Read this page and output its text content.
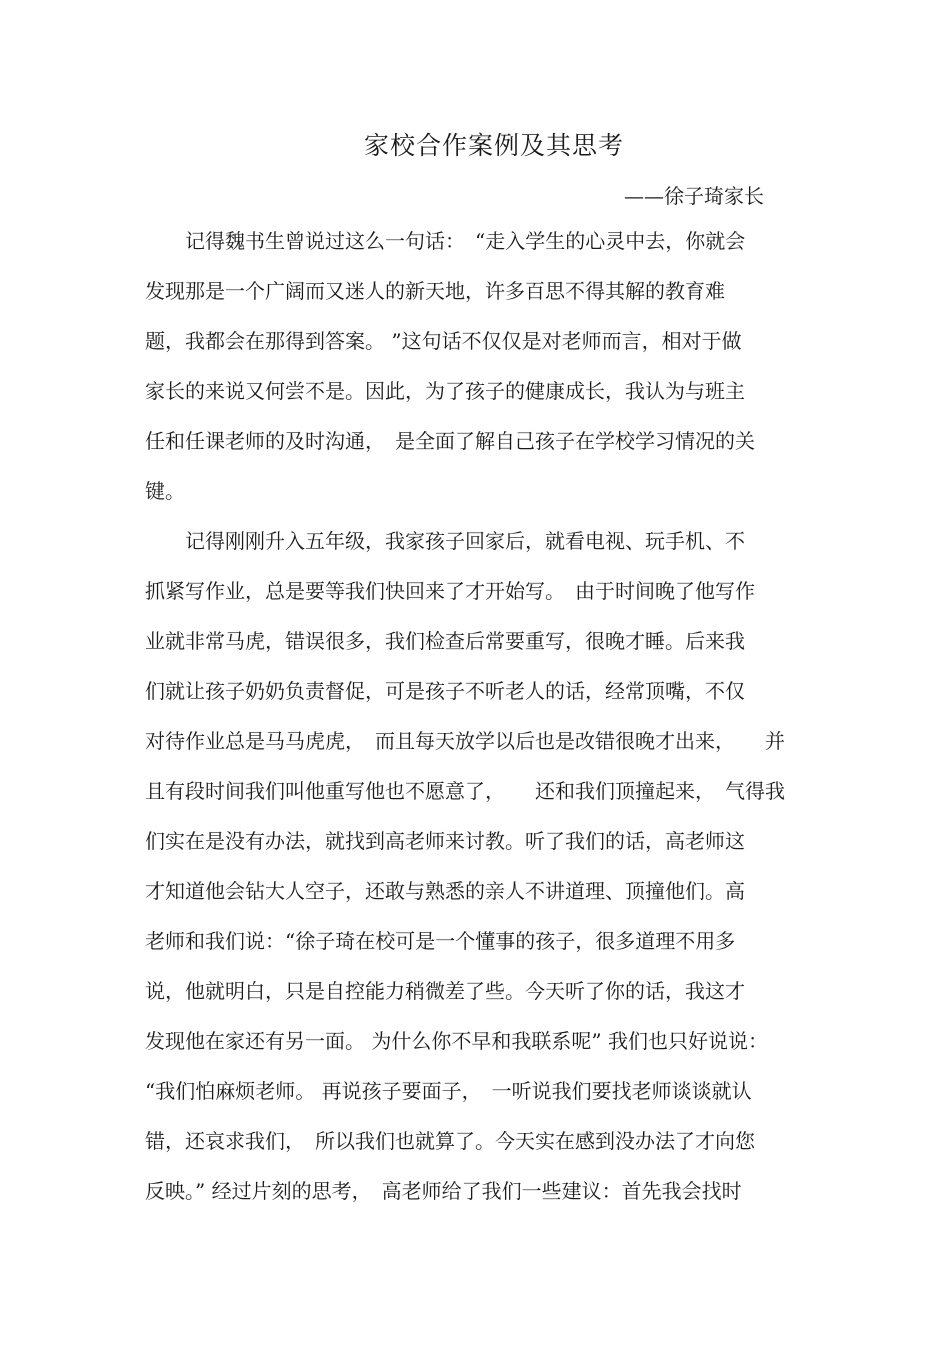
家校合作案例及其思考
——徐子琦家长
　　记得魏书生曾说过这么一句话：　“走入学生的心灵中去，你就会
发现那是一个广阔而又迷人的新天地，许多百思不得其解的教育难
题，我都会在那得到答案。 ”这句话不仅仅是对老师而言，相对于做
家长的来说又何尝不是。因此，为了孩子的健康成长，我认为与班主
任和任课老师的及时沟通，　是全面了解自己孩子在学校学习情况的关
键。
　　记得刚刚升入五年级，我家孩子回家后，就看电视、玩手机、不
抓紧写作业，总是要等我们快回来了才开始写。　由于时间晚了他写作
业就非常马虎，错误很多，我们检查后常要重写，很晚才睡。后来我
们就让孩子奶奶负责督促，可是孩子不听老人的话，经常顶嘴，不仅
对待作业总是马马虎虎，　而且每天放学以后也是改错很晚才出来，　　并
且有段时间我们叫他重写他也不愿意了，　　还和我们顶撞起来，　气得我
们实在是没有办法，就找到高老师来讨教。听了我们的话，高老师这
才知道他会钻大人空子，还敢与熟悉的亲人不讲道理、顶撞他们。高
老师和我们说：“徐子琦在校可是一个懂事的孩子，很多道理不用多
说，他就明白，只是自控能力稍微差了些。今天听了你的话，我这才
发现他在家还有另一面。 为什么你不早和我联系呢” 我们也只好说说：
“我们怕麻烦老师。 再说孩子要面子，　一听说我们要找老师谈谈就认
错，还哀求我们，　所以我们也就算了。今天实在感到没办法了才向您
反映。” 经过片刻的思考，　高老师给了我们一些建议：首先我会找时
